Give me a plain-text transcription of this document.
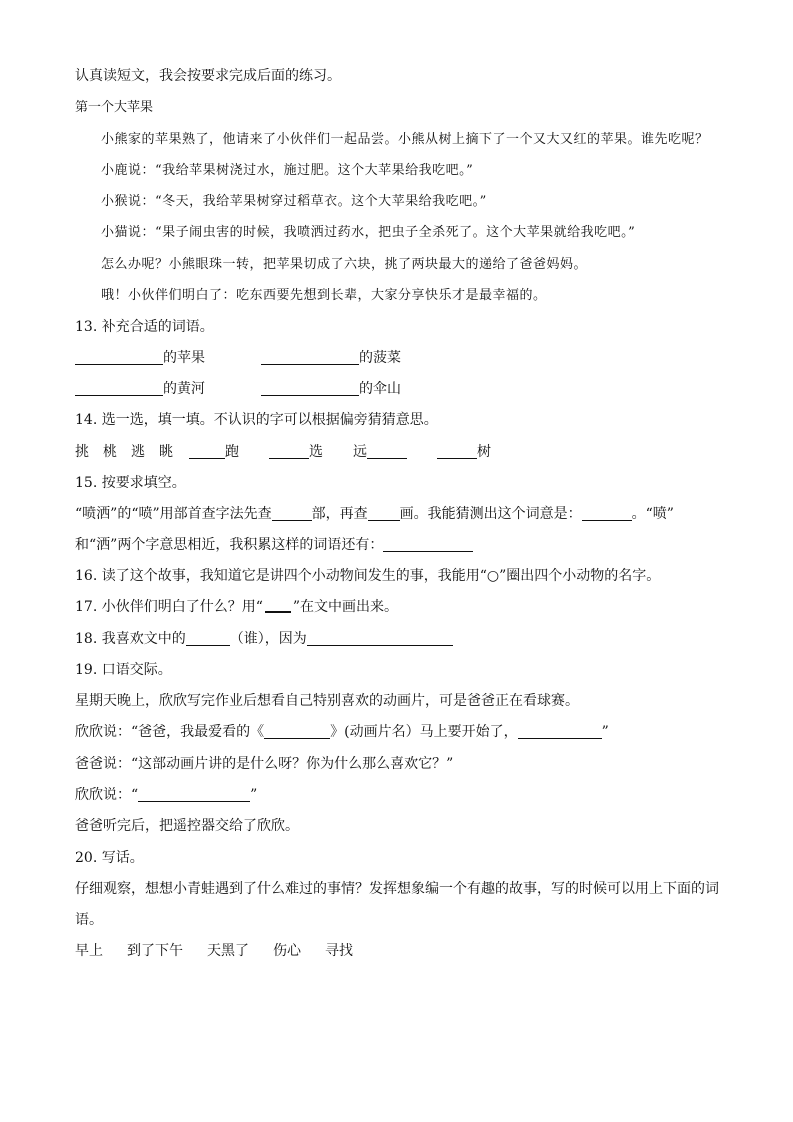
认真读短文，我会按要求完成后面的练习。
第一个大苹果
小熊家的苹果熟了，他请来了小伙伴们一起品尝。小熊从树上摘下了一个又大又红的苹果。谁先吃呢？
小鹿说：“我给苹果树浇过水，施过肥。这个大苹果给我吃吧。”
小猴说：“冬天，我给苹果树穿过稻草衣。这个大苹果给我吃吧。”
小猫说：“果子闹虫害的时候，我喷洒过药水，把虫子全杀死了。这个大苹果就给我吃吧。”
怎么办呢？小熊眼珠一转，把苹果切成了六块，挑了两块最大的递给了爸爸妈妈。
哦！小伙伴们明白了：吃东西要先想到长辈，大家分享快乐才是最幸福的。
13. 补充合适的词语。
的苹果	的菠菜
的黄河	的伞山
14. 选一选，填一填。不认识的字可以根据偏旁猜猜意思。
挑 桃 逃 眺	跑	选 远	树
15. 按要求填空。
“喷洒”的“喷”用部首查字法先查	部，再查 画。我能猜测出这个词意是：	。“喷”
和“洒”两个字意思相近，我积累这样的词语还有：
16. 读了这个故事，我知道它是讲四个小动物间发生的事，我能用“○”圈出四个小动物的名字。
17. 小伙伴们明白了什么？用“ ”在文中画出来。
18. 我喜欢文中的	（谁），因为
19. 口语交际。
星期天晚上，欣欣写完作业后想看自己特别喜欢的动画片，可是爸爸正在看球赛。
欣欣说：“爸爸，我最爱看的《	》(动画片名）马上要开始了，	”
爸爸说：“这部动画片讲的是什么呀？你为什么那么喜欢它？”
欣欣说：“	”
爸爸听完后，把遥控器交给了欣欣。
20. 写话。
仔细观察，想想小青蛙遇到了什么难过的事情？发挥想象编一个有趣的故事，写的时候可以用上下面的词
语。
早上 到了下午 天黑了 伤心 寻找
